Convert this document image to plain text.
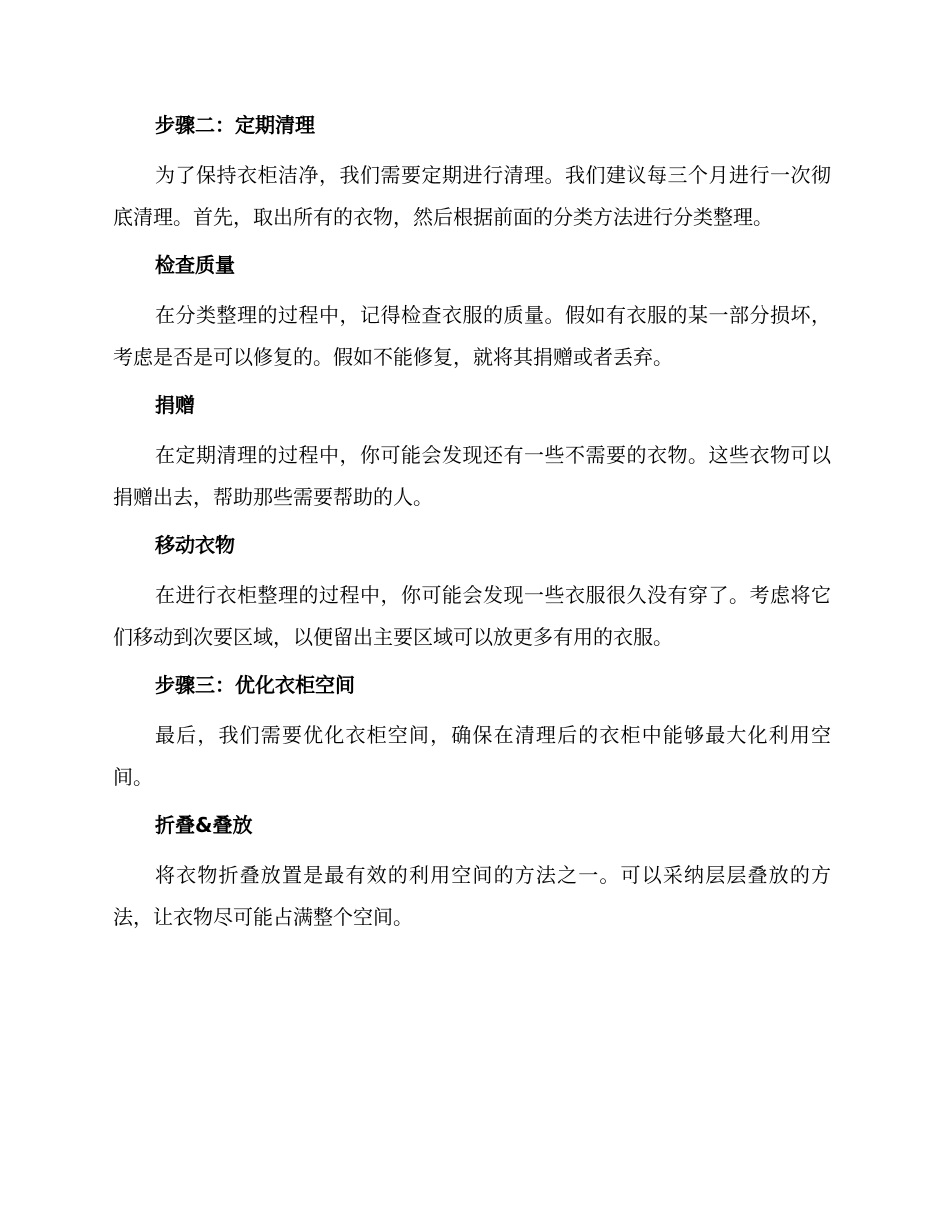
步骤二：定期清理

为了保持衣柜洁净，我们需要定期进行清理。我们建议每三个月进行一次彻底清理。首先，取出所有的衣物，然后根据前面的分类方法进行分类整理。

检查质量

在分类整理的过程中，记得检查衣服的质量。假如有衣服的某一部分损坏，考虑是否是可以修复的。假如不能修复，就将其捐赠或者丢弃。

捐赠

在定期清理的过程中，你可能会发现还有一些不需要的衣物。这些衣物可以捐赠出去，帮助那些需要帮助的人。

移动衣物

在进行衣柜整理的过程中，你可能会发现一些衣服很久没有穿了。考虑将它们移动到次要区域，以便留出主要区域可以放更多有用的衣服。

步骤三：优化衣柜空间

最后，我们需要优化衣柜空间，确保在清理后的衣柜中能够最大化利用空间。

折叠&叠放

将衣物折叠放置是最有效的利用空间的方法之一。可以采纳层层叠放的方法，让衣物尽可能占满整个空间。
